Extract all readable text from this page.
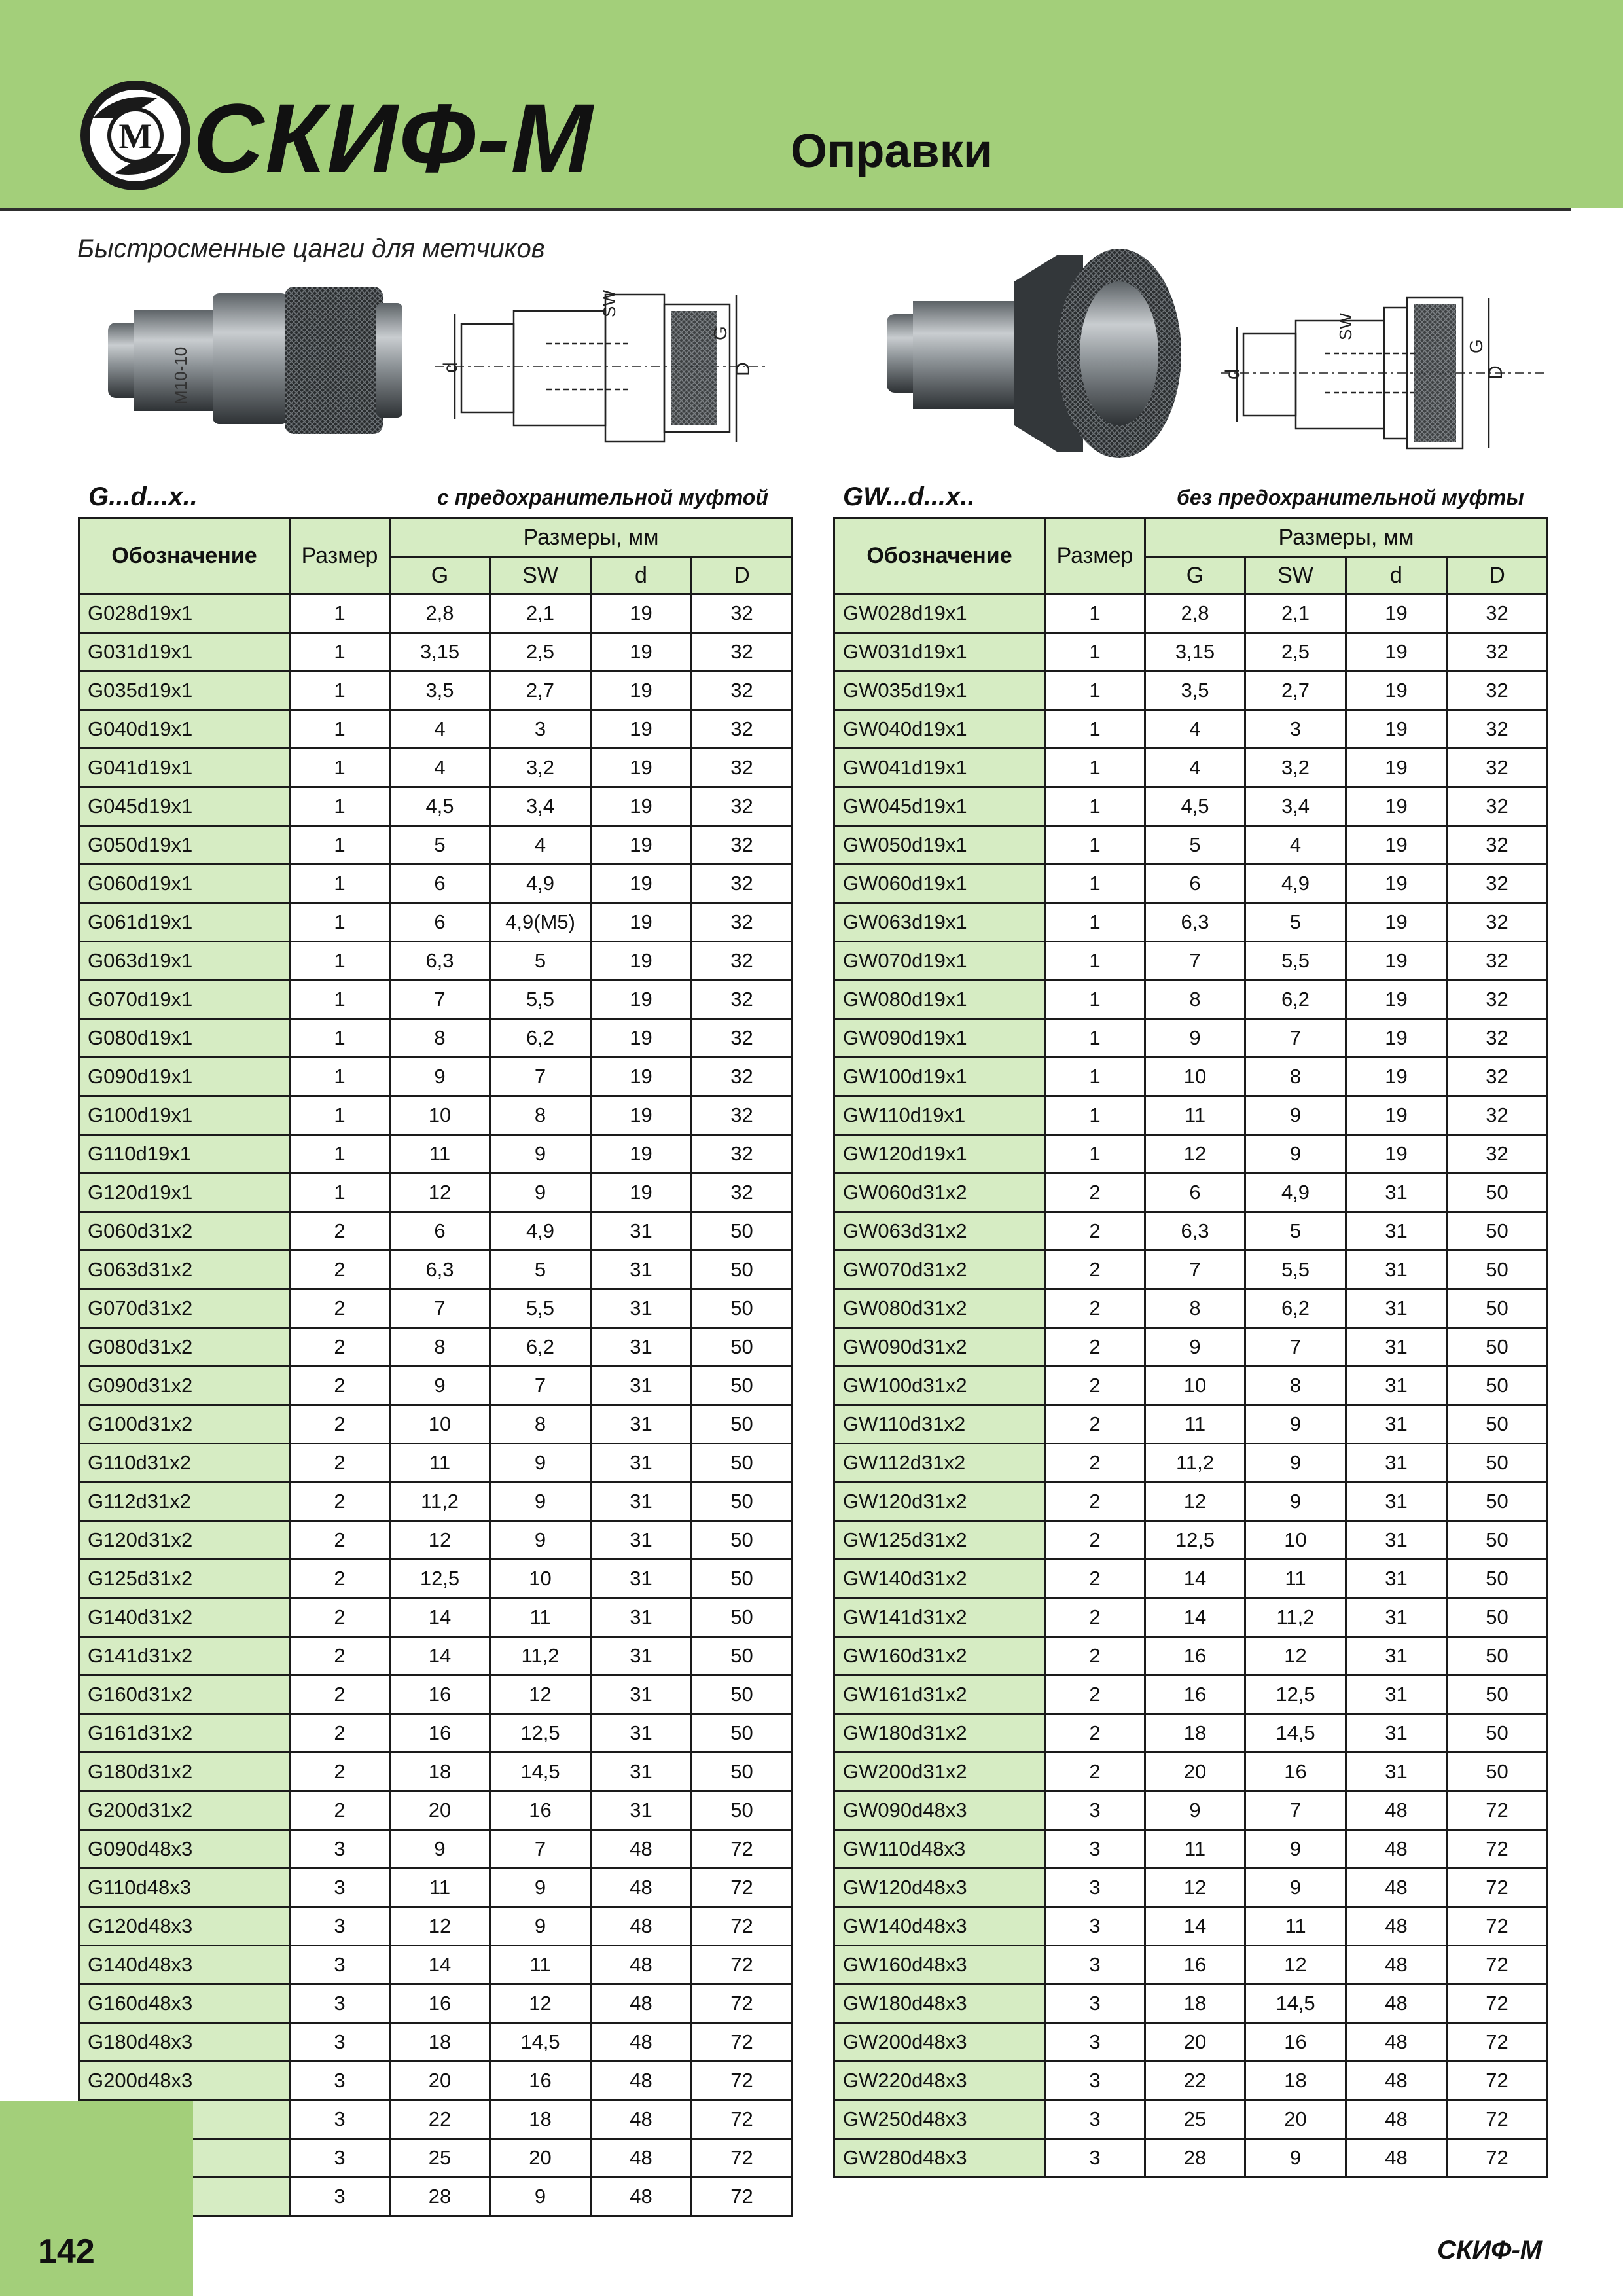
М СКИФ-М	Оправки
Быстросменные цанги для метчиков
M10-10	d
SW
G
D	d
SW
G
D
G...d...x..	с предохранительной муфтой	GW...d...x..	без предохранительной муфты
Обозначение	Размер	Размеры, мм			
		G	SW	d	D
G028d19x1	1	2,8	2,1	19	32
G031d19x1	1	3,15	2,5	19	32
G035d19x1	1	3,5	2,7	19	32
G040d19x1	1	4	3	19	32
G041d19x1	1	4	3,2	19	32
G045d19x1	1	4,5	3,4	19	32
G050d19x1	1	5	4	19	32
G060d19x1	1	6	4,9	19	32
G061d19x1	1	6	4,9(M5)	19	32
G063d19x1	1	6,3	5	19	32
G070d19x1	1	7	5,5	19	32
G080d19x1	1	8	6,2	19	32
G090d19x1	1	9	7	19	32
G100d19x1	1	10	8	19	32
G110d19x1	1	11	9	19	32
G120d19x1	1	12	9	19	32
G060d31x2	2	6	4,9	31	50
G063d31x2	2	6,3	5	31	50
G070d31x2	2	7	5,5	31	50
G080d31x2	2	8	6,2	31	50
G090d31x2	2	9	7	31	50
G100d31x2	2	10	8	31	50
G110d31x2	2	11	9	31	50
G112d31x2	2	11,2	9	31	50
G120d31x2	2	12	9	31	50
G125d31x2	2	12,5	10	31	50
G140d31x2	2	14	11	31	50
G141d31x2	2	14	11,2	31	50
G160d31x2	2	16	12	31	50
G161d31x2	2	16	12,5	31	50
G180d31x2	2	18	14,5	31	50
G200d31x2	2	20	16	31	50
G090d48x3	3	9	7	48	72
G110d48x3	3	11	9	48	72
G120d48x3	3	12	9	48	72
G140d48x3	3	14	11	48	72
G160d48x3	3	16	12	48	72
G180d48x3	3	18	14,5	48	72
G200d48x3	3	20	16	48	72
	3	22	18	48	72
	3	25	20	48	72
	3	28	9	48	72
Обозначение	Размер	Размеры, мм			
		G	SW	d	D
GW028d19x1	1	2,8	2,1	19	32
GW031d19x1	1	3,15	2,5	19	32
GW035d19x1	1	3,5	2,7	19	32
GW040d19x1	1	4	3	19	32
GW041d19x1	1	4	3,2	19	32
GW045d19x1	1	4,5	3,4	19	32
GW050d19x1	1	5	4	19	32
GW060d19x1	1	6	4,9	19	32
GW063d19x1	1	6,3	5	19	32
GW070d19x1	1	7	5,5	19	32
GW080d19x1	1	8	6,2	19	32
GW090d19x1	1	9	7	19	32
GW100d19x1	1	10	8	19	32
GW110d19x1	1	11	9	19	32
GW120d19x1	1	12	9	19	32
GW060d31x2	2	6	4,9	31	50
GW063d31x2	2	6,3	5	31	50
GW070d31x2	2	7	5,5	31	50
GW080d31x2	2	8	6,2	31	50
GW090d31x2	2	9	7	31	50
GW100d31x2	2	10	8	31	50
GW110d31x2	2	11	9	31	50
GW112d31x2	2	11,2	9	31	50
GW120d31x2	2	12	9	31	50
GW125d31x2	2	12,5	10	31	50
GW140d31x2	2	14	11	31	50
GW141d31x2	2	14	11,2	31	50
GW160d31x2	2	16	12	31	50
GW161d31x2	2	16	12,5	31	50
GW180d31x2	2	18	14,5	31	50
GW200d31x2	2	20	16	31	50
GW090d48x3	3	9	7	48	72
GW110d48x3	3	11	9	48	72
GW120d48x3	3	12	9	48	72
GW140d48x3	3	14	11	48	72
GW160d48x3	3	16	12	48	72
GW180d48x3	3	18	14,5	48	72
GW200d48x3	3	20	16	48	72
GW220d48x3	3	22	18	48	72
GW250d48x3	3	25	20	48	72
GW280d48x3	3	28	9	48	72
142	СКИФ-М
